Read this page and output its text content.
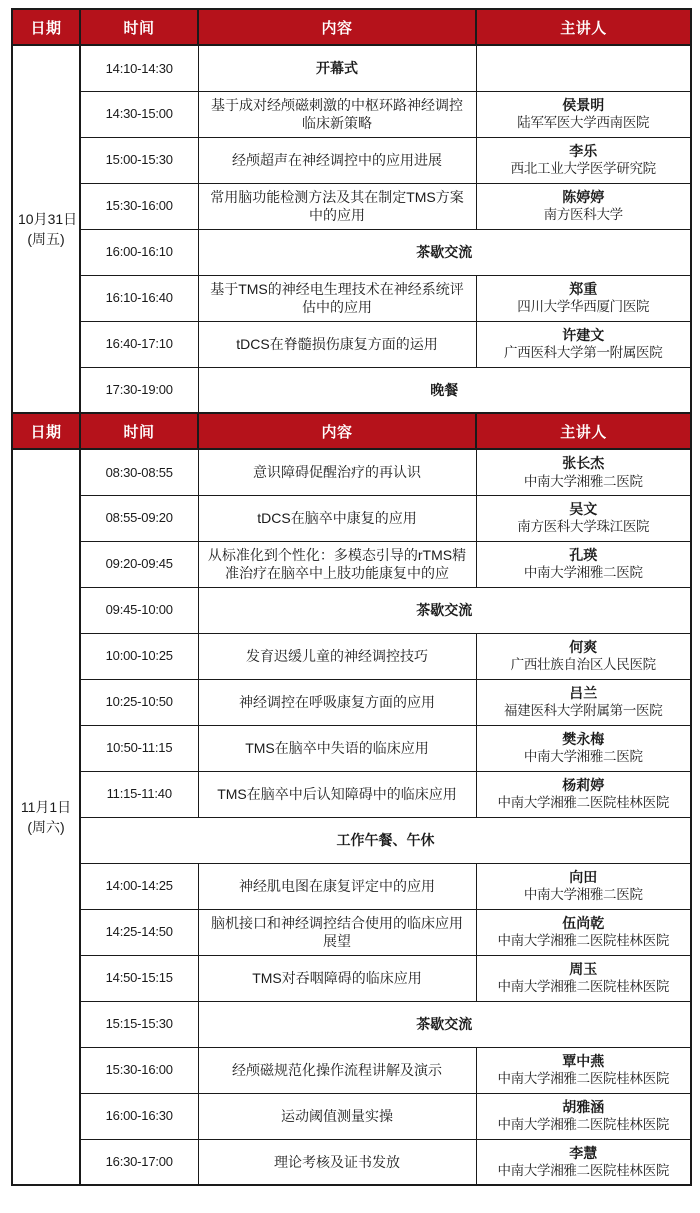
日期	时间	内容	主讲人

10月31日
(周五)	14:10-14:30	开幕式	
	14:30-15:00	基于成对经颅磁刺激的中枢环路神经调控临床新策略	侯景明
陆军军医大学西南医院

	15:00-15:30	经颅超声在神经调控中的应用进展	李乐
西北工业大学医学研究院

	15:30-16:00	常用脑功能检测方法及其在制定TMS方案中的应用	陈婷婷
南方医科大学

	16:00-16:10	茶歇交流	
	16:10-16:40	基于TMS的神经电生理技术在神经系统评估中的应用	郑重
四川大学华西厦门医院

	16:40-17:10	tDCS在脊髓损伤康复方面的运用	许建文
广西医科大学第一附属医院

	17:30-19:00	晚餐	
日期	时间	内容	主讲人

11月1日
(周六)
	08:30-08:55	意识障碍促醒治疗的再认识	
张长杰
中南大学湘雅二医院

	08:55-09:20	tDCS在脑卒中康复的应用	吴文
南方医科大学珠江医院

	09:20-09:45	从标准化到个性化：多模态引导的rTMS精准治疗在脑卒中上肢功能康复中的应	孔瑛
中南大学湘雅二医院

	09:45-10:00	茶歇交流	
	10:00-10:25	发育迟缓儿童的神经调控技巧	何爽
广西壮族自治区人民医院

	10:25-10:50	神经调控在呼吸康复方面的应用	吕兰
福建医科大学附属第一医院

	10:50-11:15	TMS在脑卒中失语的临床应用	樊永梅
中南大学湘雅二医院

	11:15-11:40	TMS在脑卒中后认知障碍中的临床应用	杨莉婷
中南大学湘雅二医院桂林医院

	工作午餐、午休		
	14:00-14:25	神经肌电图在康复评定中的应用	向田
中南大学湘雅二医院

	14:25-14:50	脑机接口和神经调控结合使用的临床应用展望	伍尚乾
中南大学湘雅二医院桂林医院

	14:50-15:15	TMS对吞咽障碍的临床应用	周玉
中南大学湘雅二医院桂林医院

	15:15-15:30	茶歇交流	
	15:30-16:00	经颅磁规范化操作流程讲解及演示	覃中燕
中南大学湘雅二医院桂林医院

	16:00-16:30	运动阈值测量实操	胡雅涵
中南大学湘雅二医院桂林医院

	16:30-17:00	理论考核及证书发放	李慧
中南大学湘雅二医院桂林医院
